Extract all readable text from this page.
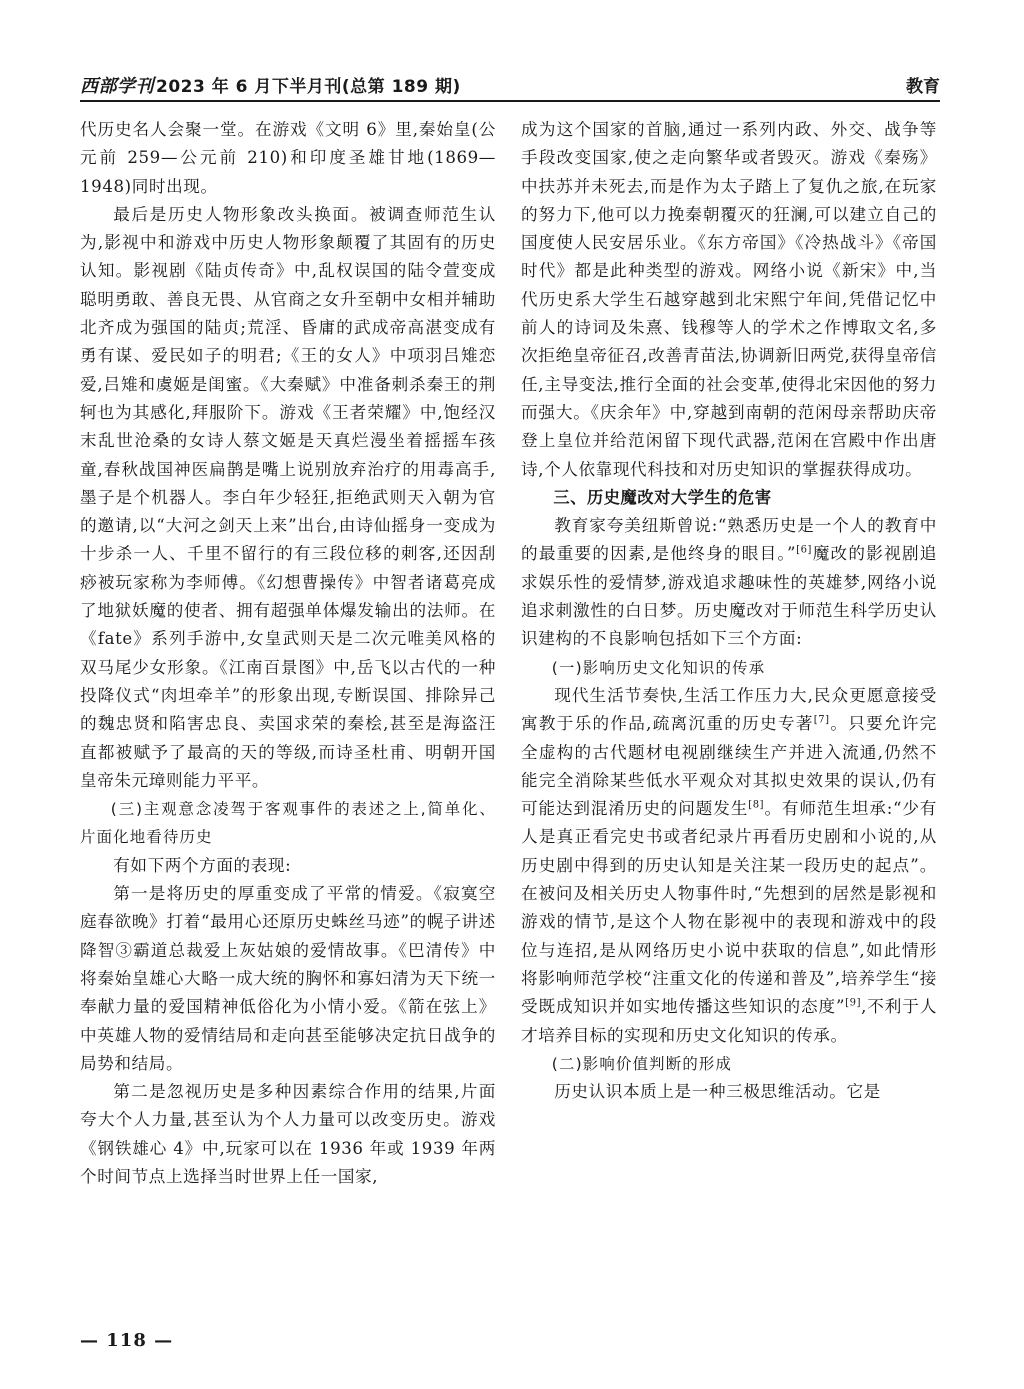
西部学刊 2023 年 6 月下半月刊(总第 189 期)	教育

代历史名人会聚一堂。在游戏《文明 6》里,秦始皇(公元前 259—公元前 210)和印度圣雄甘地(1869—1948)同时出现。

最后是历史人物形象改头换面。被调查师范生认为,影视中和游戏中历史人物形象颠覆了其固有的历史认知。影视剧《陆贞传奇》中,乱权误国的陆令萱变成聪明勇敢、善良无畏、从官商之女升至朝中女相并辅助北齐成为强国的陆贞;荒淫、昏庸的武成帝高湛变成有勇有谋、爱民如子的明君;《王的女人》中项羽吕雉恋爱,吕雉和虞姬是闺蜜。《大秦赋》中准备刺杀秦王的荆轲也为其感化,拜服阶下。游戏《王者荣耀》中,饱经汉末乱世沧桑的女诗人蔡文姬是天真烂漫坐着摇摇车孩童,春秋战国神医扁鹊是嘴上说别放弃治疗的用毒高手,墨子是个机器人。李白年少轻狂,拒绝武则天入朝为官的邀请,以“大河之剑天上来”出台,由诗仙摇身一变成为十步杀一人、千里不留行的有三段位移的刺客,还因刮痧被玩家称为李师傅。《幻想曹操传》中智者诸葛亮成了地狱妖魔的使者、拥有超强单体爆发输出的法师。在《fate》系列手游中,女皇武则天是二次元唯美风格的双马尾少女形象。《江南百景图》中,岳飞以古代的一种投降仪式“肉坦牵羊”的形象出现,专断误国、排除异己的魏忠贤和陷害忠良、卖国求荣的秦桧,甚至是海盗汪直都被赋予了最高的天的等级,而诗圣杜甫、明朝开国皇帝朱元璋则能力平平。

(三)主观意念凌驾于客观事件的表述之上,简单化、片面化地看待历史

有如下两个方面的表现:

第一是将历史的厚重变成了平常的情爱。《寂寞空庭春欲晚》打着“最用心还原历史蛛丝马迹”的幌子讲述降智③霸道总裁爱上灰姑娘的爱情故事。《巴清传》中将秦始皇雄心大略一成大统的胸怀和寡妇清为天下统一奉献力量的爱国精神低俗化为小情小爱。《箭在弦上》中英雄人物的爱情结局和走向甚至能够决定抗日战争的局势和结局。

第二是忽视历史是多种因素综合作用的结果,片面夸大个人力量,甚至认为个人力量可以改变历史。游戏《钢铁雄心 4》中,玩家可以在 1936 年或 1939 年两个时间节点上选择当时世界上任一国家,

成为这个国家的首脑,通过一系列内政、外交、战争等手段改变国家,使之走向繁华或者毁灭。游戏《秦殇》中扶苏并未死去,而是作为太子踏上了复仇之旅,在玩家的努力下,他可以力挽秦朝覆灭的狂澜,可以建立自己的国度使人民安居乐业。《东方帝国》《冷热战斗》《帝国时代》都是此种类型的游戏。网络小说《新宋》中,当代历史系大学生石越穿越到北宋熙宁年间,凭借记忆中前人的诗词及朱熹、钱穆等人的学术之作博取文名,多次拒绝皇帝征召,改善青苗法,协调新旧两党,获得皇帝信任,主导变法,推行全面的社会变革,使得北宋因他的努力而强大。《庆余年》中,穿越到南朝的范闲母亲帮助庆帝登上皇位并给范闲留下现代武器,范闲在宫殿中作出唐诗,个人依靠现代科技和对历史知识的掌握获得成功。

三、历史魔改对大学生的危害

教育家夸美纽斯曾说:“熟悉历史是一个人的教育中的最重要的因素,是他终身的眼目。”[6]魔改的影视剧追求娱乐性的爱情梦,游戏追求趣味性的英雄梦,网络小说追求刺激性的白日梦。历史魔改对于师范生科学历史认识建构的不良影响包括如下三个方面:

(一)影响历史文化知识的传承

现代生活节奏快,生活工作压力大,民众更愿意接受寓教于乐的作品,疏离沉重的历史专著[7]。只要允许完全虚构的古代题材电视剧继续生产并进入流通,仍然不能完全消除某些低水平观众对其拟史效果的误认,仍有可能达到混淆历史的问题发生[8]。有师范生坦承:“少有人是真正看完史书或者纪录片再看历史剧和小说的,从历史剧中得到的历史认知是关注某一段历史的起点”。在被问及相关历史人物事件时,“先想到的居然是影视和游戏的情节,是这个人物在影视中的表现和游戏中的段位与连招,是从网络历史小说中获取的信息”,如此情形将影响师范学校“注重文化的传递和普及”,培养学生“接受既成知识并如实地传播这些知识的态度”[9],不利于人才培养目标的实现和历史文化知识的传承。

(二)影响价值判断的形成

历史认识本质上是一种三极思维活动。它是

— 118 —
